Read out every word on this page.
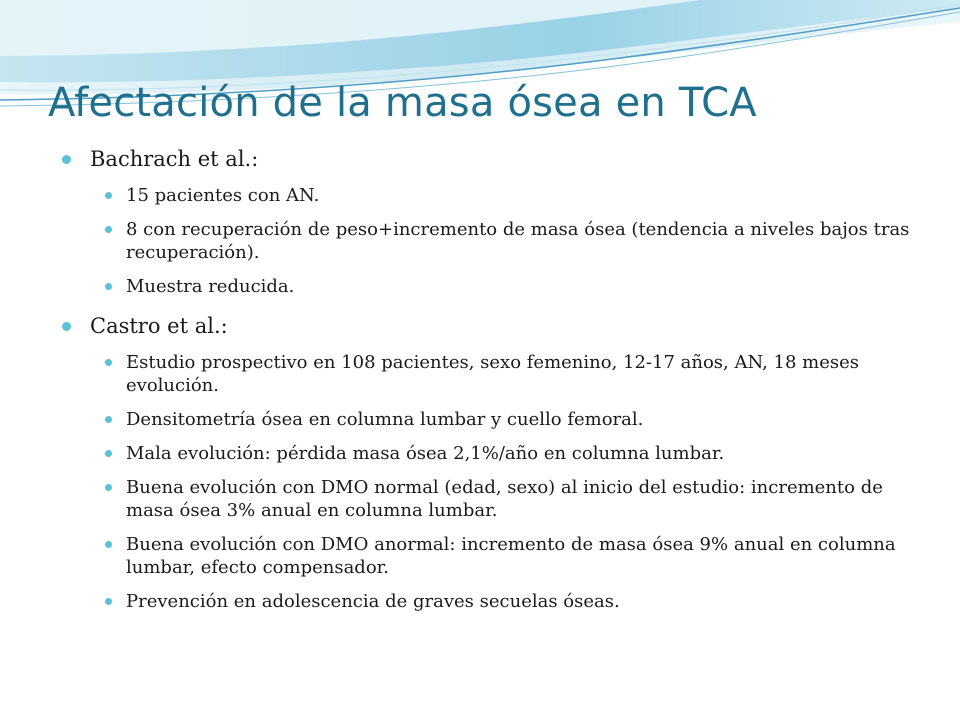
Afectación de la masa ósea en TCA
Bachrach et al.:
15 pacientes con AN.
8 con recuperación de peso+incremento de masa ósea (tendencia a niveles bajos tras recuperación).
Muestra reducida.
Castro et al.:
Estudio prospectivo en 108 pacientes, sexo femenino, 12-17 años, AN, 18 meses evolución.
Densitometría ósea en columna lumbar y cuello femoral.
Mala evolución: pérdida masa ósea 2,1%/año en columna lumbar.
Buena evolución con DMO normal (edad, sexo) al inicio del estudio: incremento de masa ósea 3% anual en columna lumbar.
Buena evolución con DMO anormal: incremento de masa ósea 9% anual en columna lumbar, efecto compensador.
Prevención en adolescencia de graves secuelas óseas.
